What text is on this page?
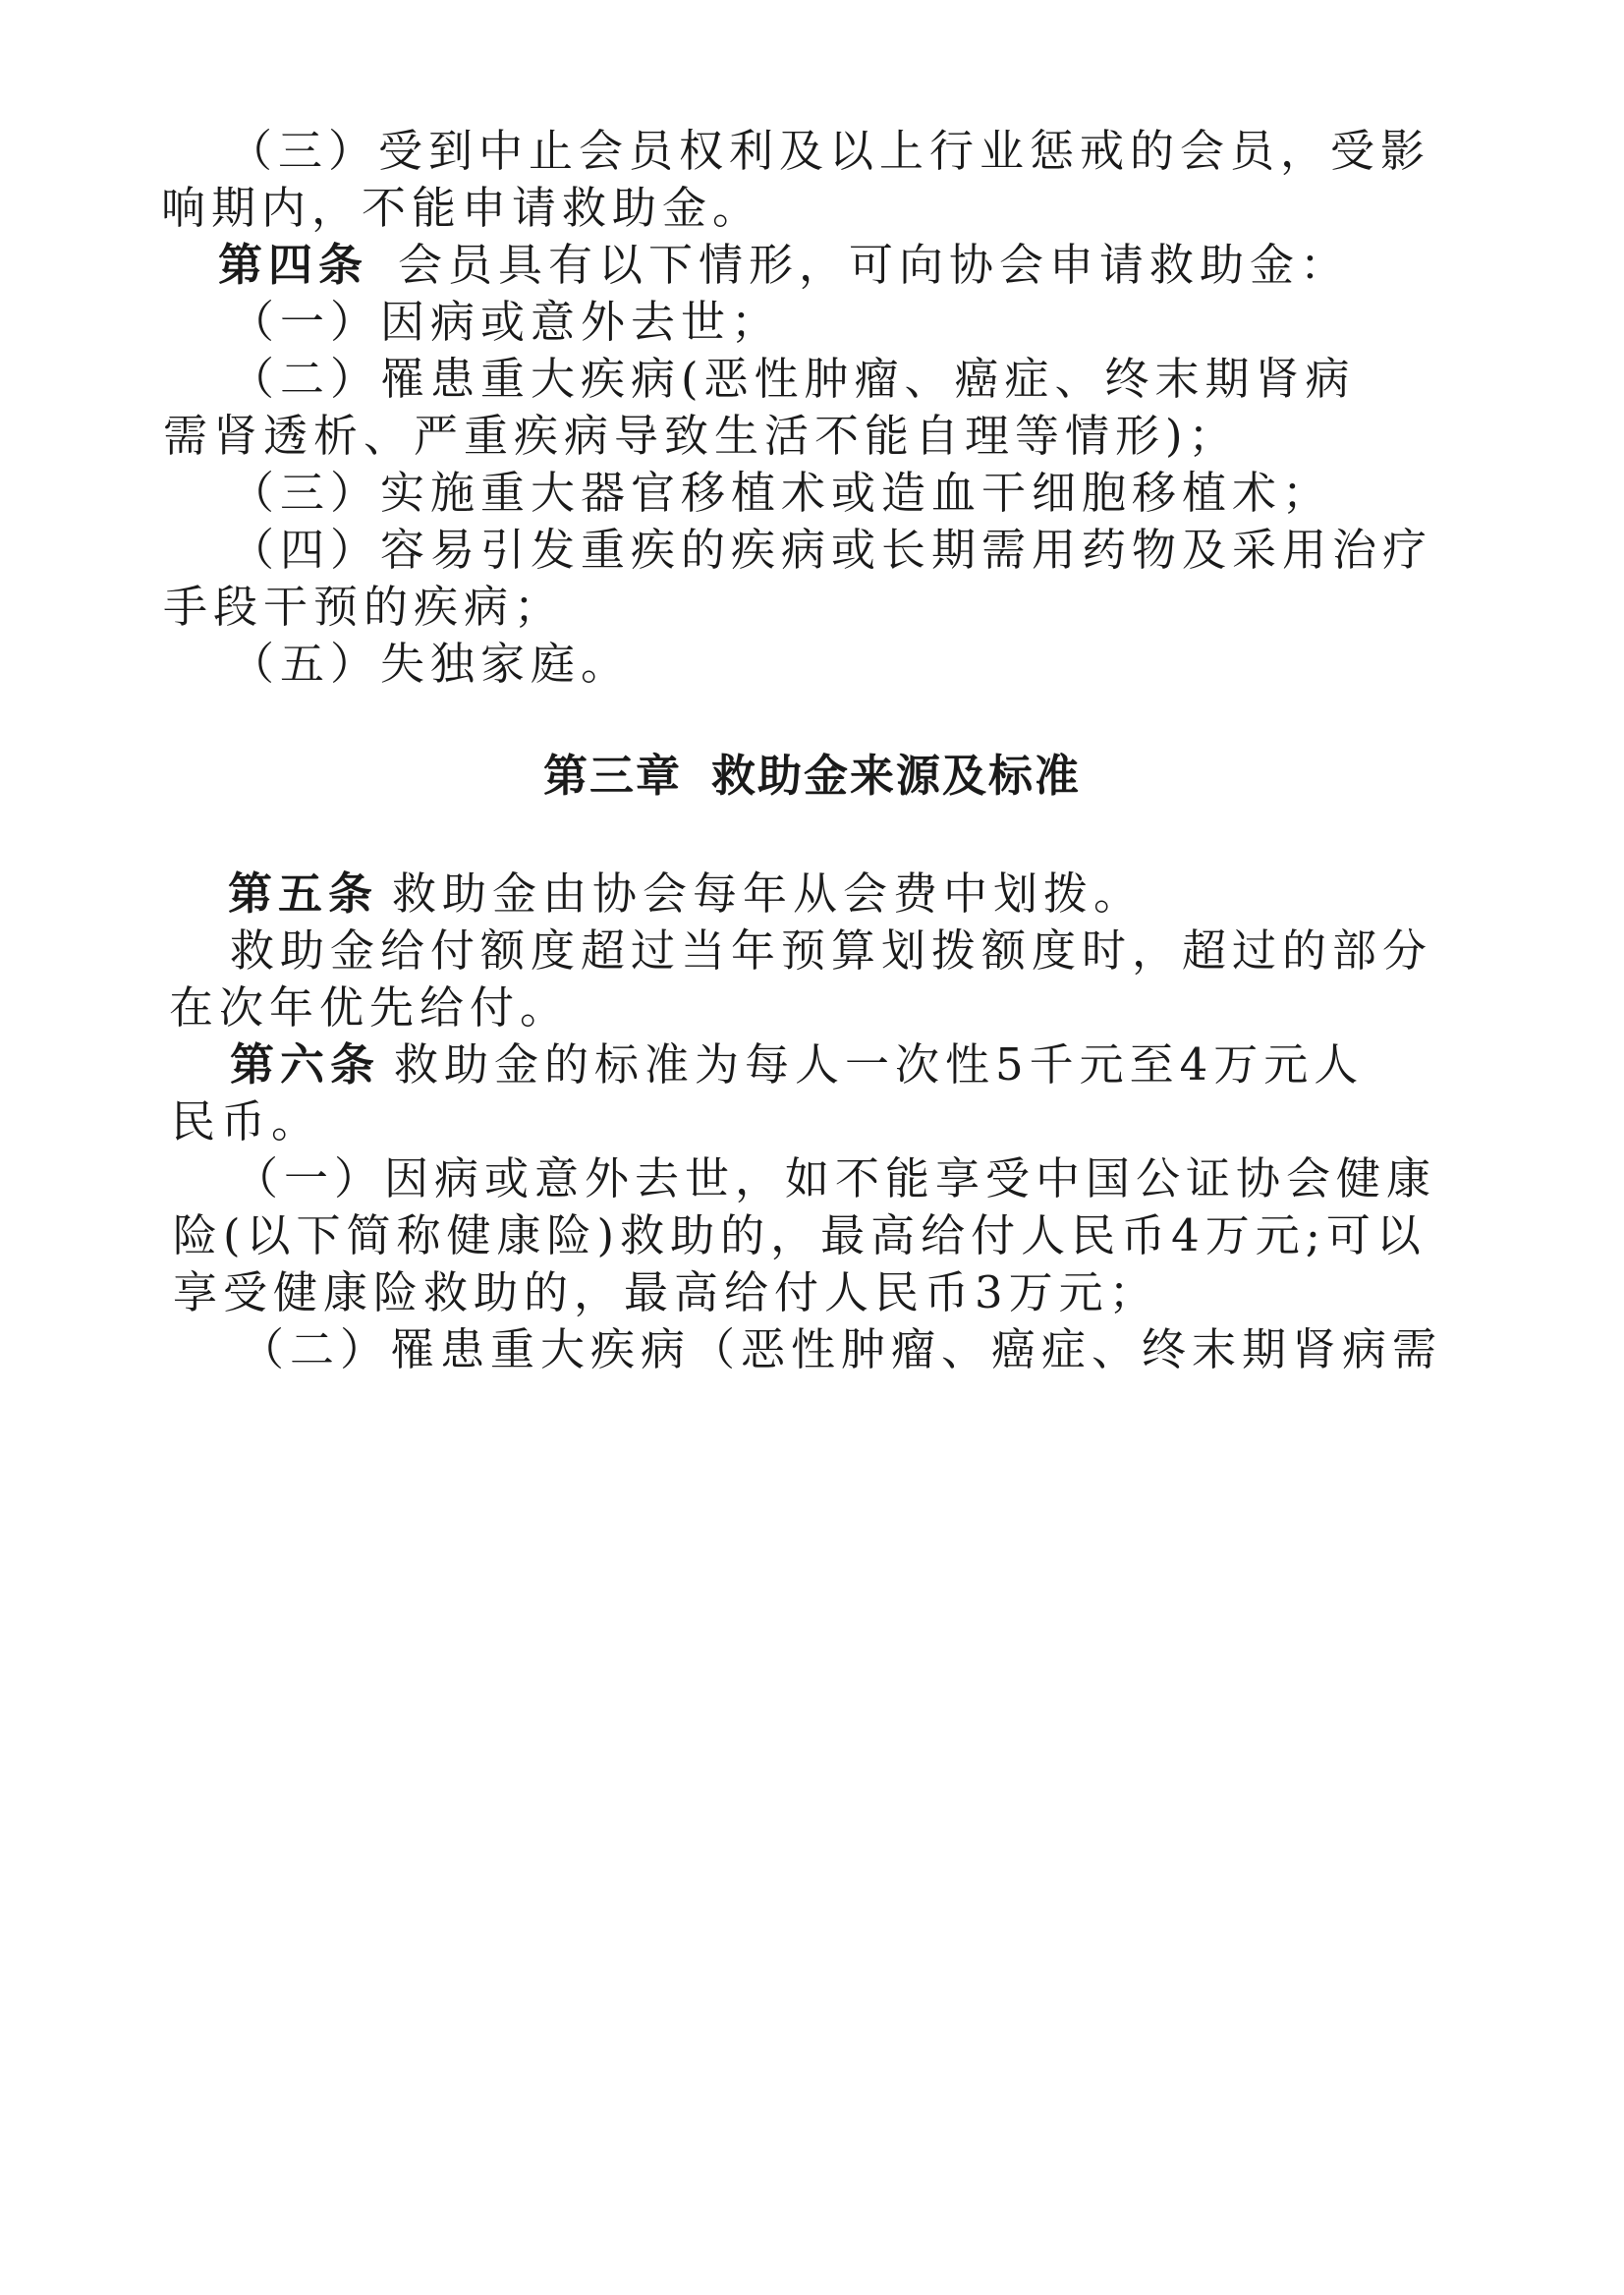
（三）受到中止会员权利及以上行业惩戒的会员，受影
响期内，不能申请救助金。
第四条 会员具有以下情形，可向协会申请救助金：
（一）因病或意外去世；
（二）罹患重大疾病(恶性肿瘤、癌症、终末期肾病
需肾透析、严重疾病导致生活不能自理等情形)；
（三）实施重大器官移植术或造血干细胞移植术；
（四）容易引发重疾的疾病或长期需用药物及采用治疗
手段干预的疾病；
（五）失独家庭。
第三章 救助金来源及标准
第五条 救助金由协会每年从会费中划拨。
救助金给付额度超过当年预算划拨额度时，超过的部分
在次年优先给付。
第六条 救助金的标准为每人一次性5千元至4万元人
民币。
（一）因病或意外去世，如不能享受中国公证协会健康
险(以下简称健康险)救助的，最高给付人民币4万元;可以
享受健康险救助的，最高给付人民币3万元；
（二）罹患重大疾病（恶性肿瘤、癌症、终末期肾病需
